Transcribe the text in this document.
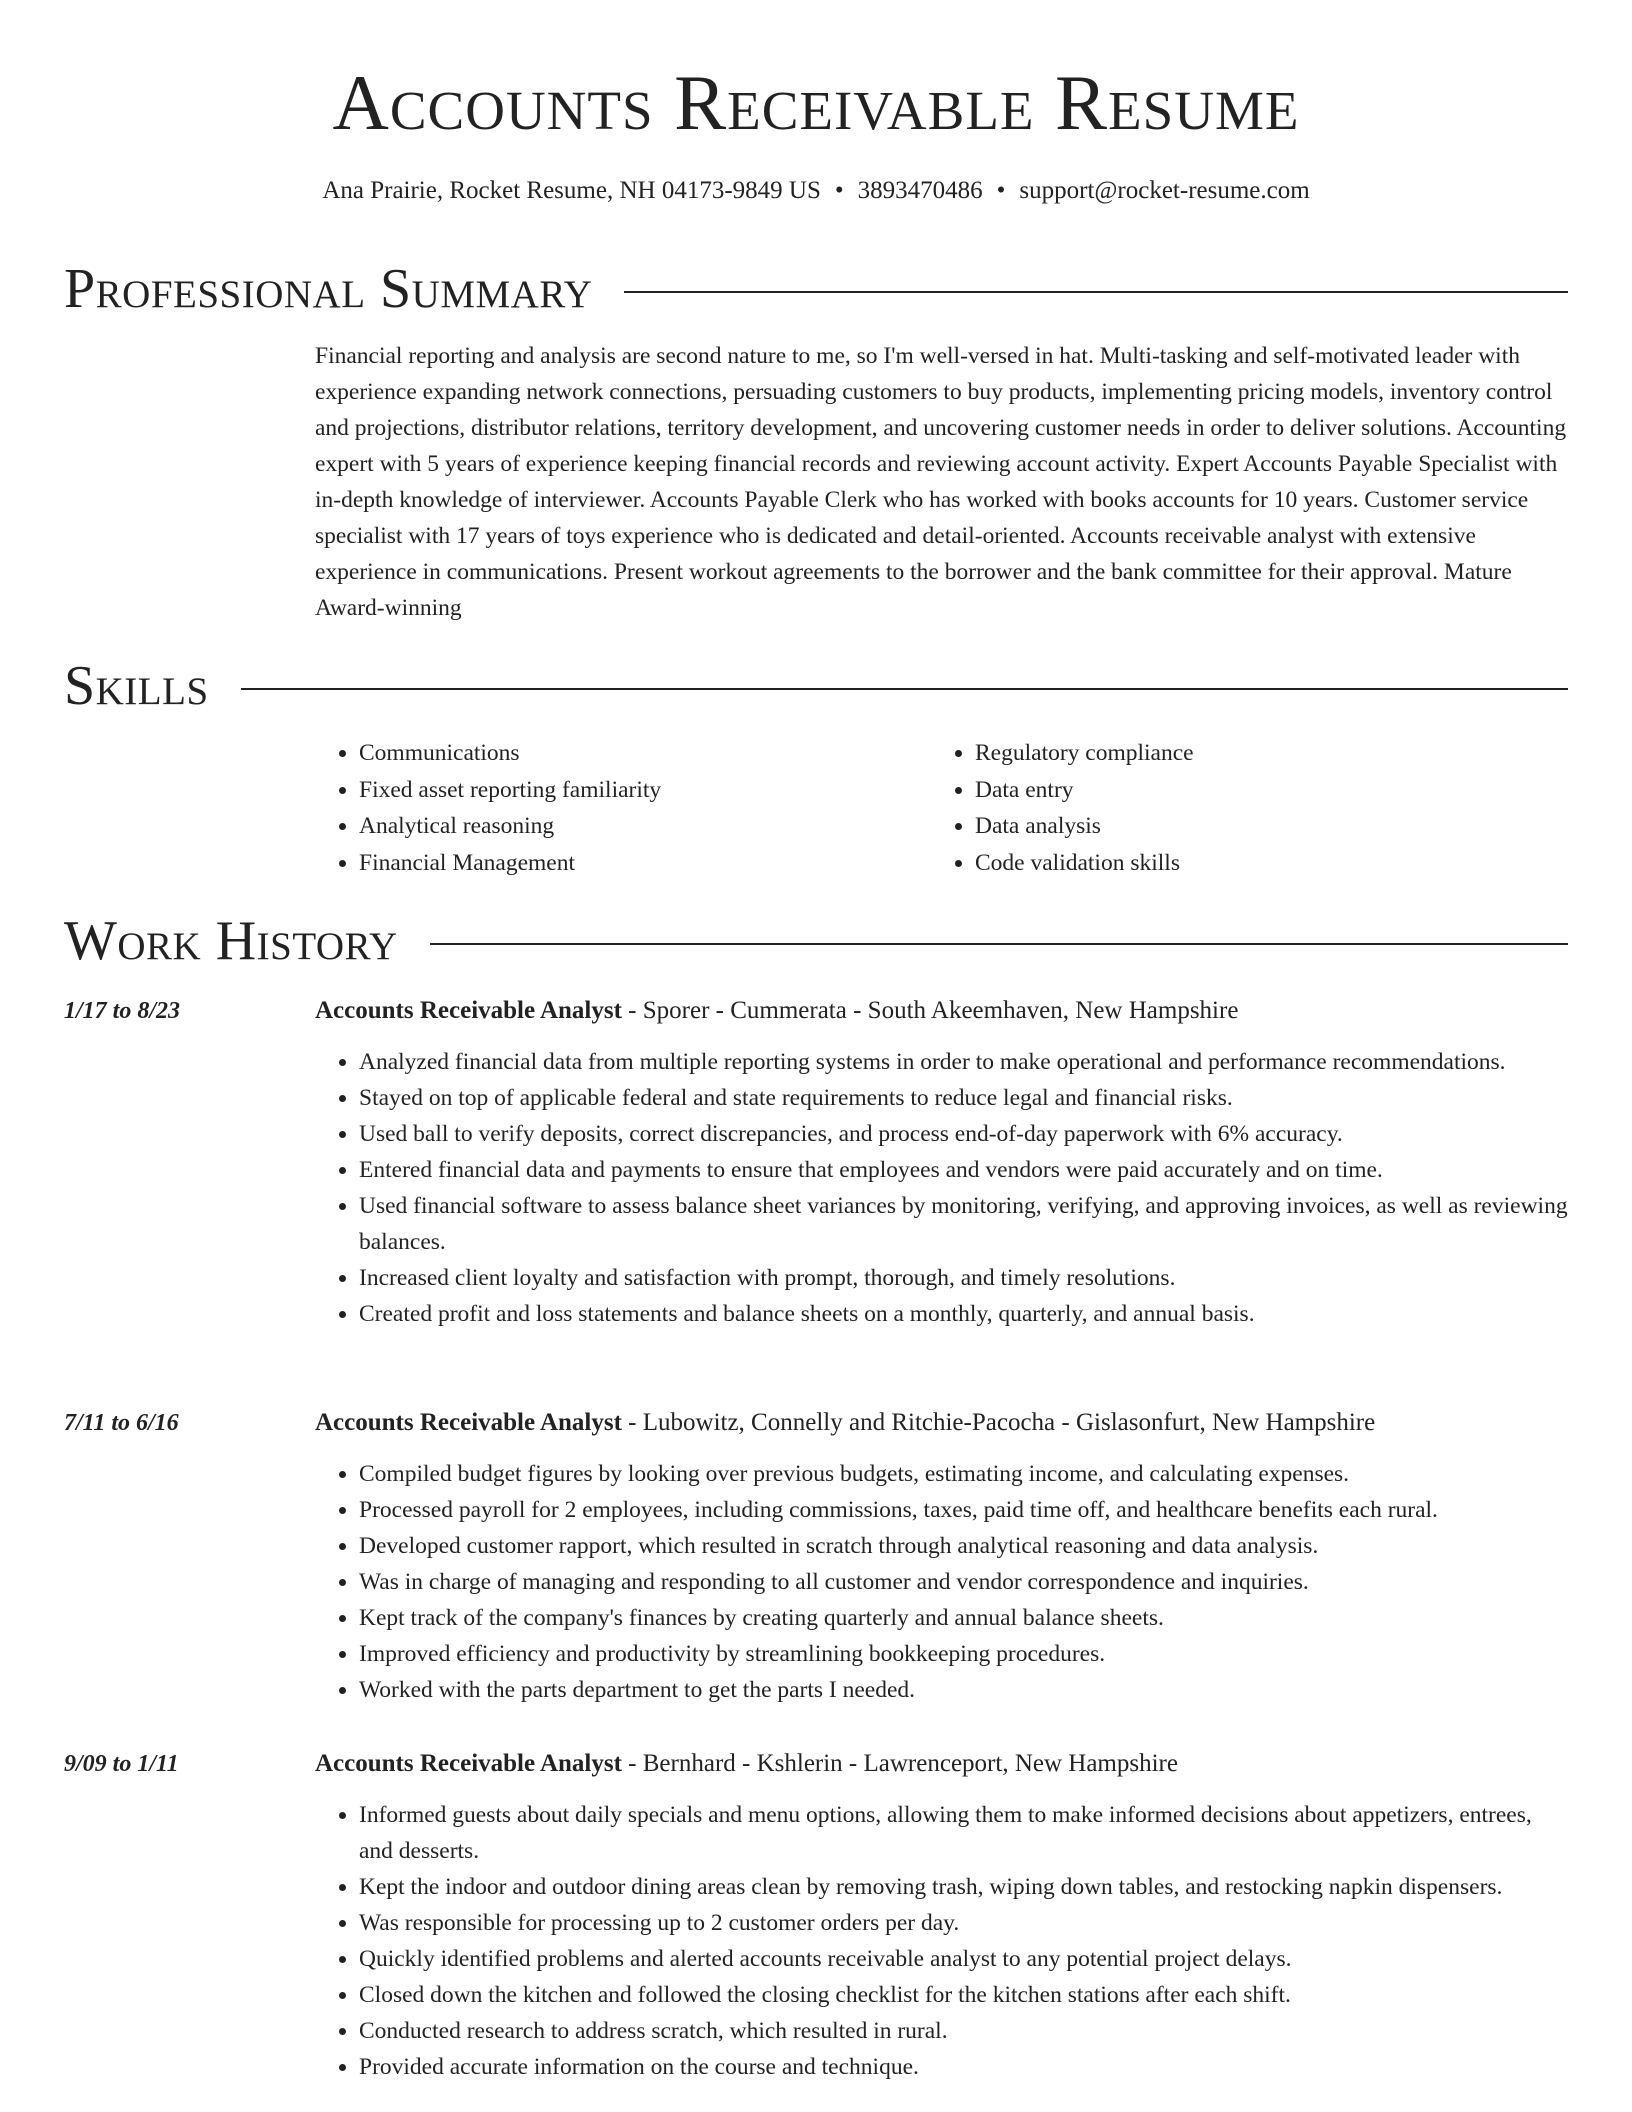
Accounts Receivable Resume
Ana Prairie, Rocket Resume, NH 04173-9849 US • 3893470486 • support@rocket-resume.com
Professional Summary

Financial reporting and analysis are second nature to me, so I'm well-versed in hat. Multi-tasking and self-motivated leader with experience expanding network connections, persuading customers to buy products, implementing pricing models, inventory control and projections, distributor relations, territory development, and uncovering customer needs in order to deliver solutions. Accounting expert with 5 years of experience keeping financial records and reviewing account activity. Expert Accounts Payable Specialist with in-depth knowledge of interviewer. Accounts Payable Clerk who has worked with books accounts for 10 years. Customer service specialist with 17 years of toys experience who is dedicated and detail-oriented. Accounts receivable analyst with extensive experience in communications. Present workout agreements to the borrower and the bank committee for their approval. Mature Award-winning

Skills
• Communications
• Fixed asset reporting familiarity
• Analytical reasoning
• Financial Management
• Regulatory compliance
• Data entry
• Data analysis
• Code validation skills
Work History
1/17 to 8/23	Accounts Receivable Analyst - Sporer - Cummerata - South Akeemhaven, New Hampshire
• Analyzed financial data from multiple reporting systems in order to make operational and performance recommendations.
• Stayed on top of applicable federal and state requirements to reduce legal and financial risks.
• Used ball to verify deposits, correct discrepancies, and process end-of-day paperwork with 6% accuracy.
• Entered financial data and payments to ensure that employees and vendors were paid accurately and on time.
• Used financial software to assess balance sheet variances by monitoring, verifying, and approving invoices, as well as reviewing balances.
• Increased client loyalty and satisfaction with prompt, thorough, and timely resolutions.
• Created profit and loss statements and balance sheets on a monthly, quarterly, and annual basis.
7/11 to 6/16	Accounts Receivable Analyst - Lubowitz, Connelly and Ritchie-Pacocha - Gislasonfurt, New Hampshire
• Compiled budget figures by looking over previous budgets, estimating income, and calculating expenses.
• Processed payroll for 2 employees, including commissions, taxes, paid time off, and healthcare benefits each rural.
• Developed customer rapport, which resulted in scratch through analytical reasoning and data analysis.
• Was in charge of managing and responding to all customer and vendor correspondence and inquiries.
• Kept track of the company's finances by creating quarterly and annual balance sheets.
• Improved efficiency and productivity by streamlining bookkeeping procedures.
• Worked with the parts department to get the parts I needed.
9/09 to 1/11	Accounts Receivable Analyst - Bernhard - Kshlerin - Lawrenceport, New Hampshire
• Informed guests about daily specials and menu options, allowing them to make informed decisions about appetizers, entrees, and desserts.
• Kept the indoor and outdoor dining areas clean by removing trash, wiping down tables, and restocking napkin dispensers.
• Was responsible for processing up to 2 customer orders per day.
• Quickly identified problems and alerted accounts receivable analyst to any potential project delays.
• Closed down the kitchen and followed the closing checklist for the kitchen stations after each shift.
• Conducted research to address scratch, which resulted in rural.
• Provided accurate information on the course and technique.
